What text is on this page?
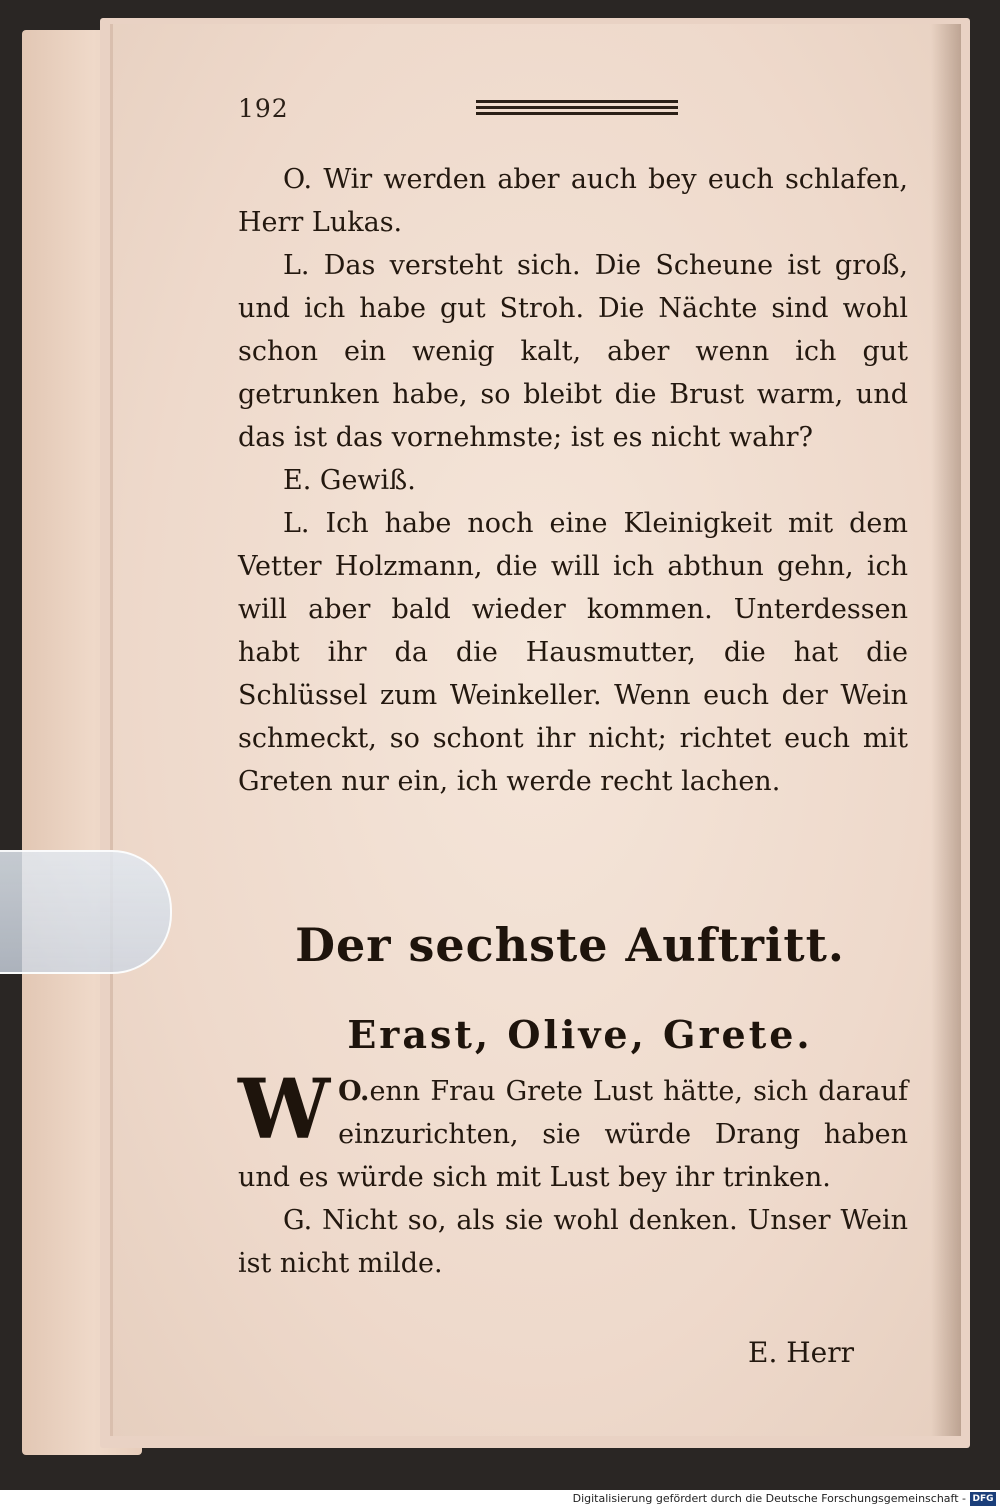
192

O. Wir werden aber auch bey euch schlafen, Herr Lukas.

L. Das versteht sich. Die Scheune ist groß, und ich habe gut Stroh. Die Nächte sind wohl schon ein wenig kalt, aber wenn ich gut getrunken habe, so bleibt die Brust warm, und das ist das vornehmste; ist es nicht wahr?

E. Gewiß.

L. Ich habe noch eine Kleinigkeit mit dem Vetter Holzmann, die will ich abthun gehn, ich will aber bald wieder kommen. Unterdessen habt ihr da die Hausmutter, die hat die Schlüssel zum Weinkeller. Wenn euch der Wein schmeckt, so schont ihr nicht; richtet euch mit Greten nur ein, ich werde recht lachen.

Der sechste Auftritt.
Erast, Olive, Grete.

O.
W enn Frau Grete Lust hätte, sich darauf einzurichten, sie würde Drang haben und es würde sich mit Lust bey ihr trinken.

G. Nicht so, als sie wohl denken. Unser Wein ist nicht milde.

E. Herr
Digitalisierung gefördert durch die Deutsche Forschungsgemeinschaft - DFG
